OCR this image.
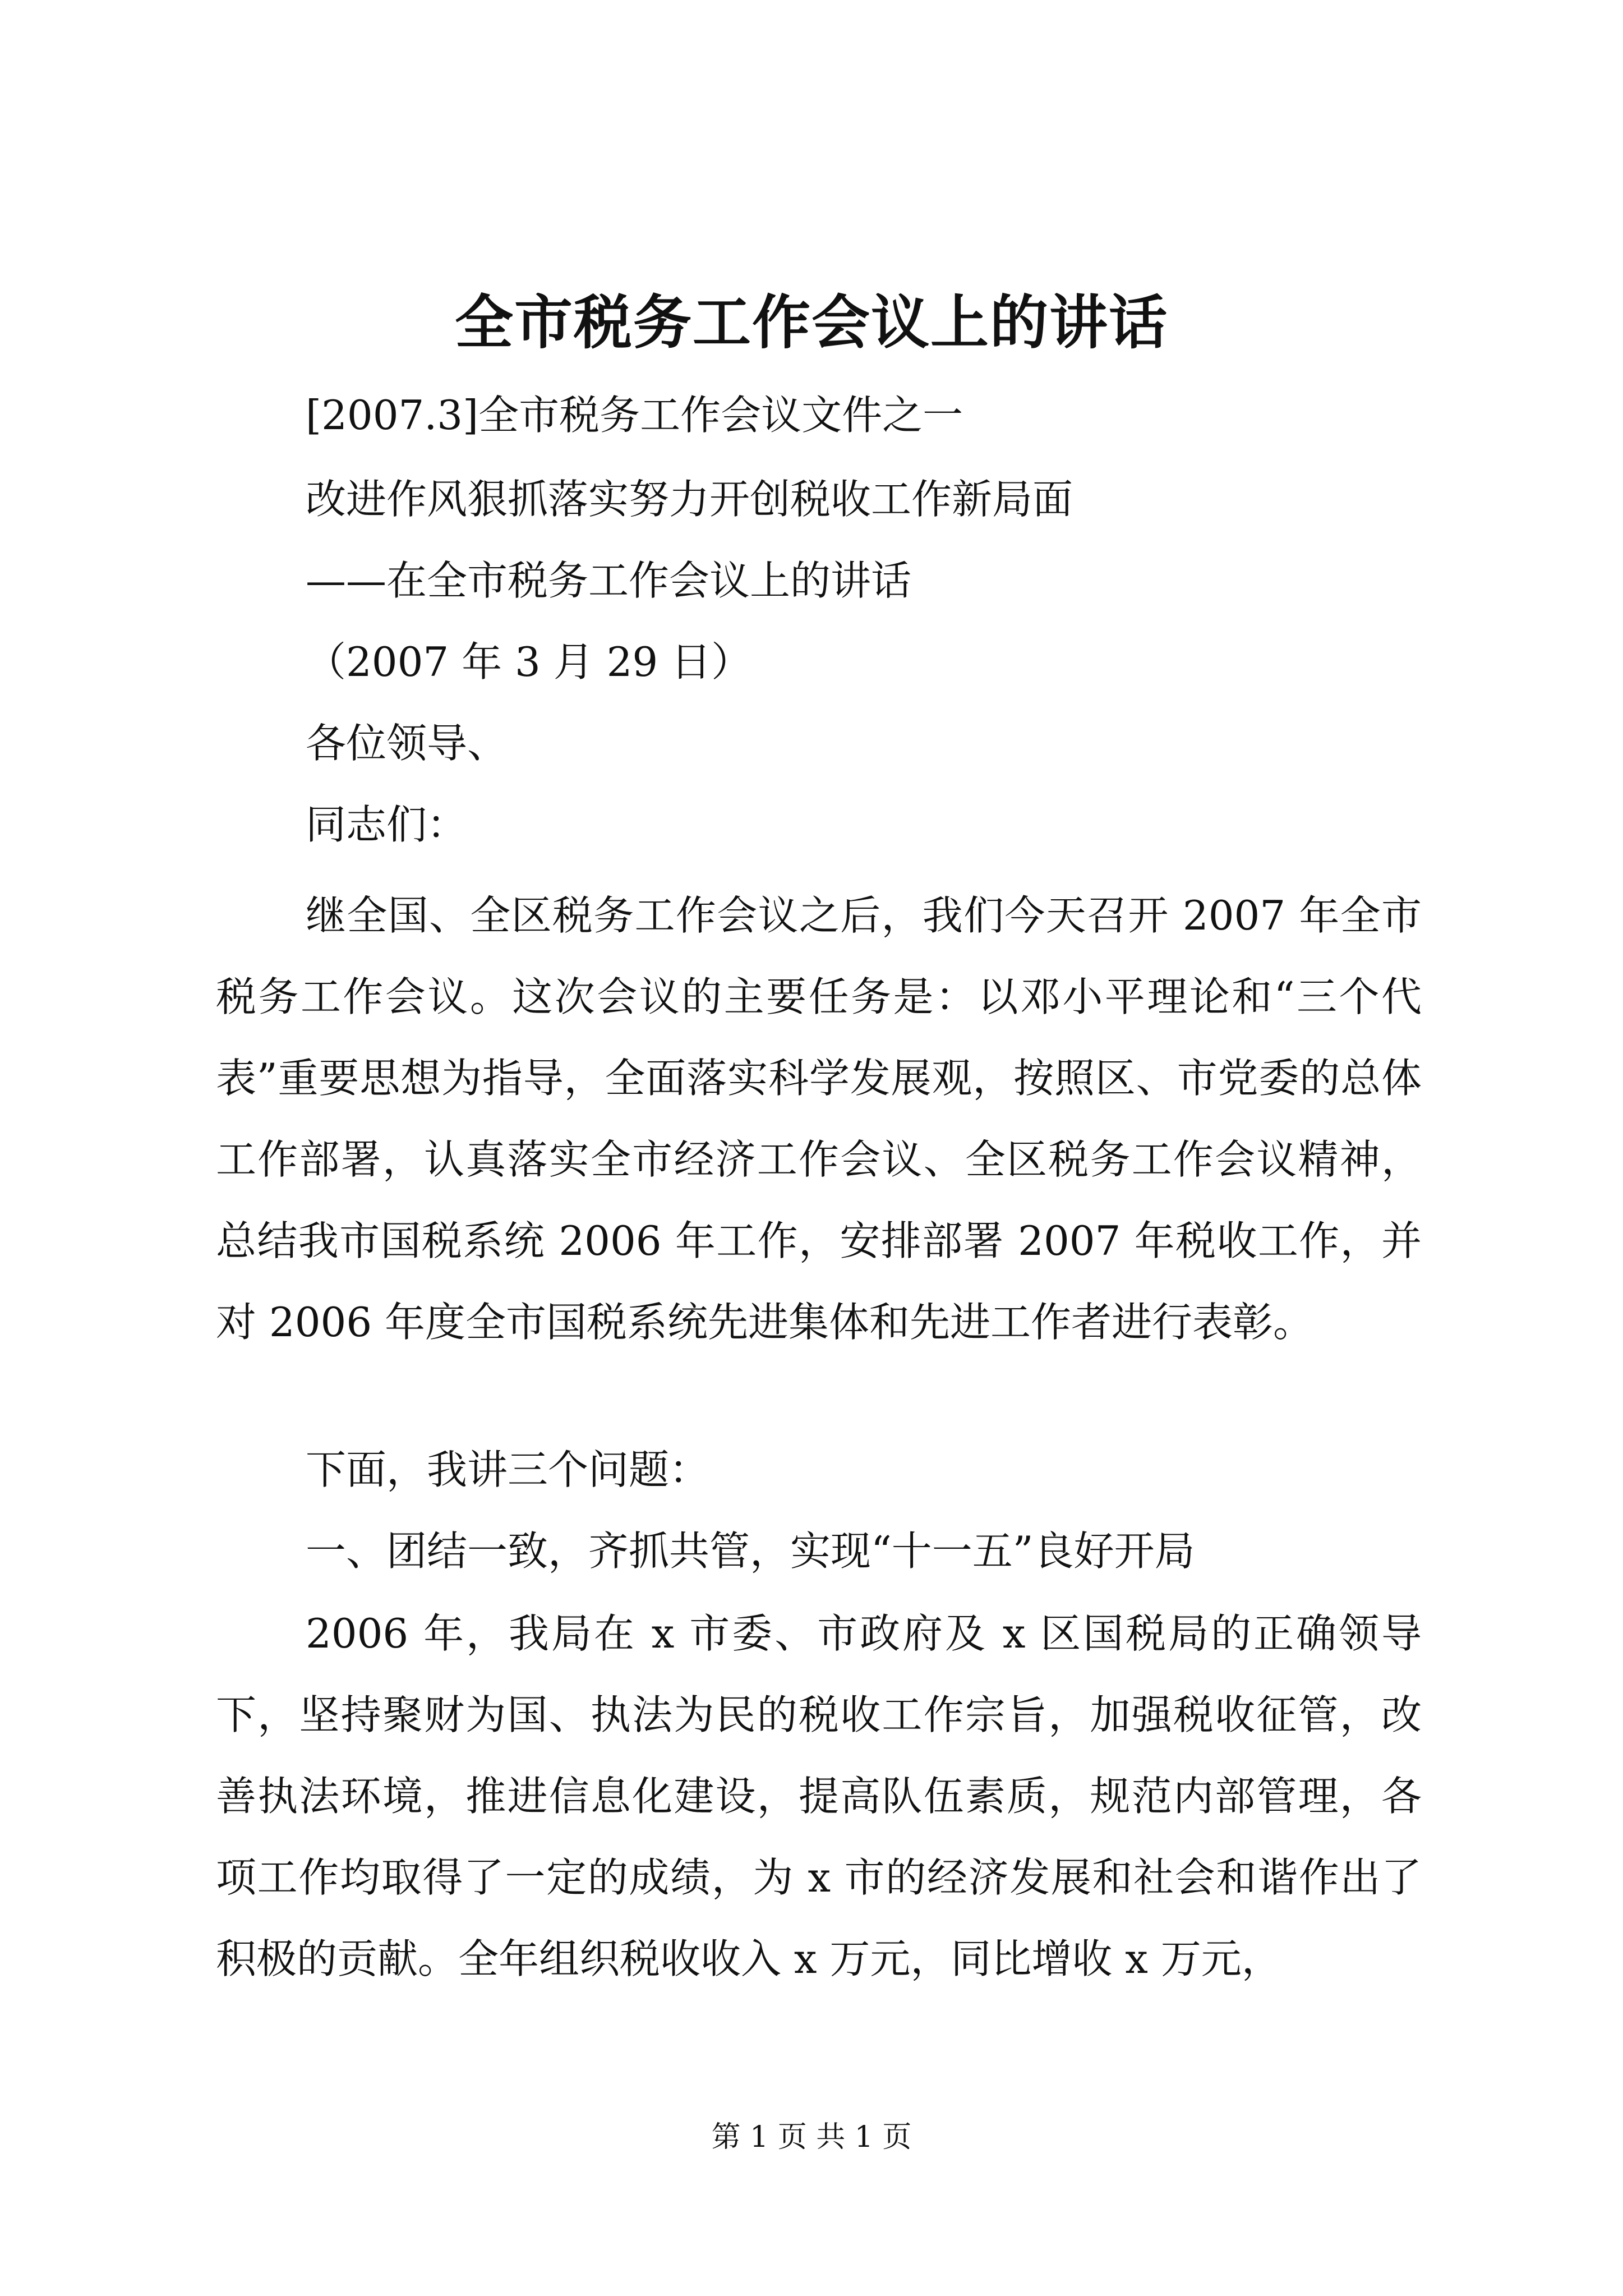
全市税务工作会议上的讲话
[2007.3]全市税务工作会议文件之一
改进作风狠抓落实努力开创税收工作新局面
——在全市税务工作会议上的讲话
（2007 年 3 月 29 日）
各位领导、
同志们：

继全国、全区税务工作会议之后，我们今天召开 2007 年全市税务工作会议。这次会议的主要任务是：以邓小平理论和“三个代表”重要思想为指导，全面落实科学发展观，按照区、市党委的总体工作部署，认真落实全市经济工作会议、全区税务工作会议精神，总结我市国税系统 2006 年工作，安排部署 2007 年税收工作，并对 2006 年度全市国税系统先进集体和先进工作者进行表彰。

下面，我讲三个问题：
一、团结一致，齐抓共管，实现“十一五”良好开局

2006 年，我局在 x 市委、市政府及 x 区国税局的正确领导下，坚持聚财为国、执法为民的税收工作宗旨，加强税收征管，改善执法环境，推进信息化建设，提高队伍素质，规范内部管理，各项工作均取得了一定的成绩，为 x 市的经济发展和社会和谐作出了积极的贡献。全年组织税收收入 x 万元，同比增收 x 万元，

第 1 页 共 1 页
